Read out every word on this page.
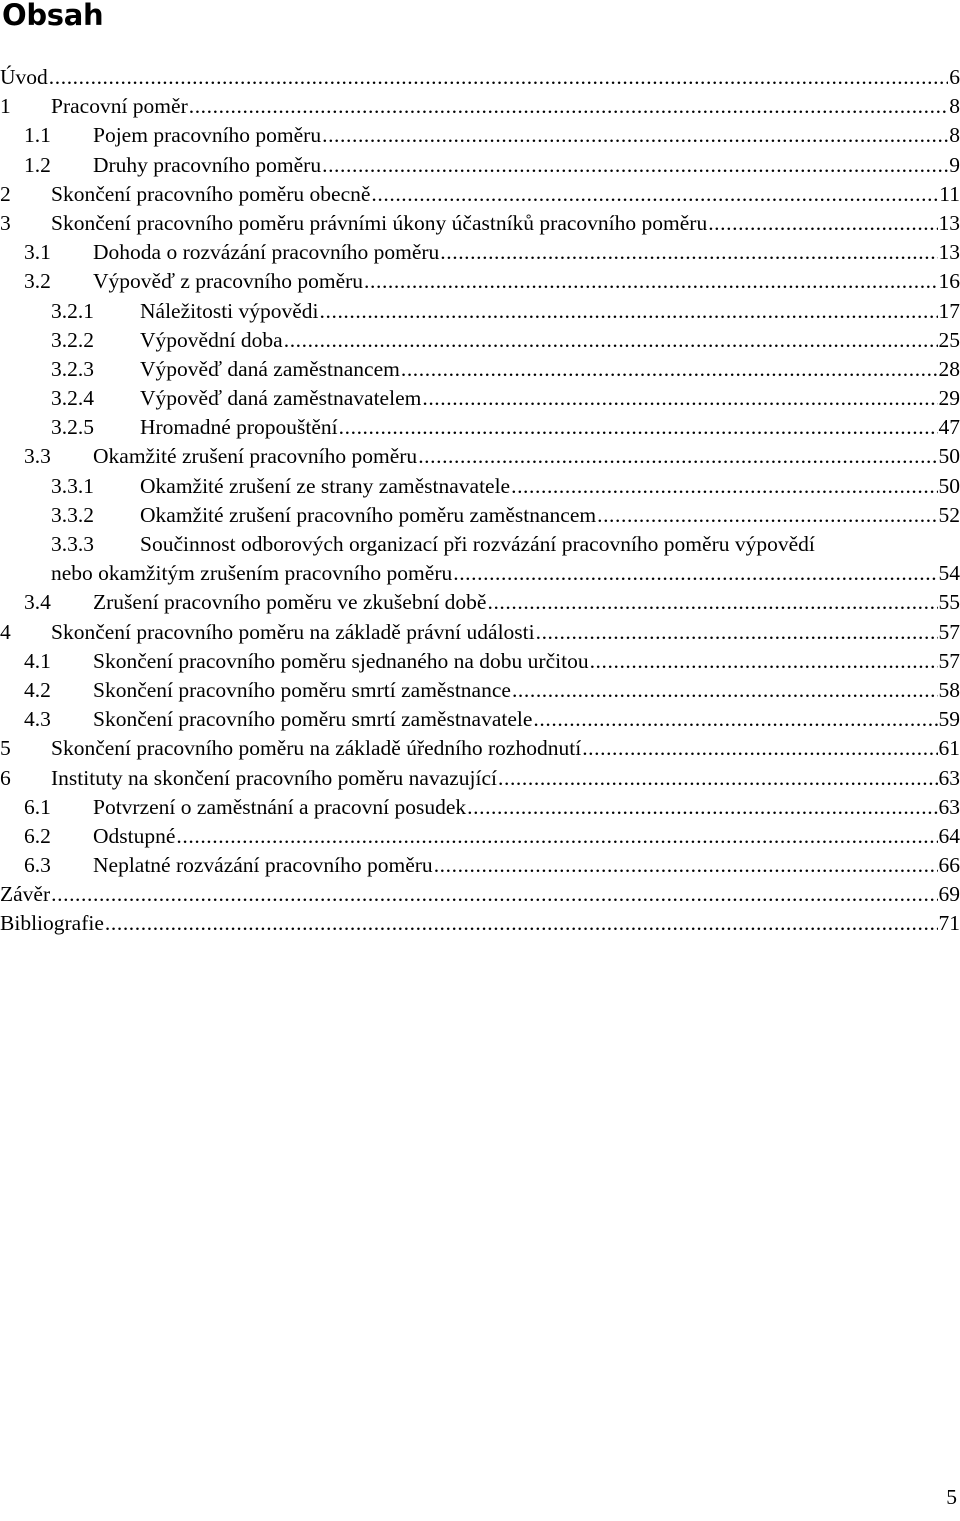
Obsah
Úvod .....	6
1	Pracovní poměr .....	8
1.1	Pojem pracovního poměru .....	8
1.2	Druhy pracovního poměru .....	9
2	Skončení pracovního poměru obecně .....	11
3	Skončení pracovního poměru právními úkony účastníků pracovního poměru .....	13
3.1	Dohoda o rozvázání pracovního poměru .....	13
3.2	Výpověď z pracovního poměru .....	16
3.2.1	Náležitosti výpovědi .....	17
3.2.2	Výpovědní doba .....	25
3.2.3	Výpověď daná zaměstnancem .....	28
3.2.4	Výpověď daná zaměstnavatelem .....	29
3.2.5	Hromadné propouštění .....	47
3.3	Okamžité zrušení pracovního poměru .....	50
3.3.1	Okamžité zrušení ze strany zaměstnavatele .....	50
3.3.2	Okamžité zrušení pracovního poměru zaměstnancem .....	52
3.3.3 Součinnost odborových organizací při rozvázání pracovního poměru výpovědí
nebo okamžitým zrušením pracovního poměru .....	54
3.4	Zrušení pracovního poměru ve zkušební době .....	55
4	Skončení pracovního poměru na základě právní události .....	57
4.1	Skončení pracovního poměru sjednaného na dobu určitou .....	57
4.2	Skončení pracovního poměru smrtí zaměstnance .....	58
4.3	Skončení pracovního poměru smrtí zaměstnavatele .....	59
5	Skončení pracovního poměru na základě úředního rozhodnutí .....	61
6	Instituty na skončení pracovního poměru navazující .....	63
6.1	Potvrzení o zaměstnání a pracovní posudek .....	63
6.2	Odstupné .....	64
6.3	Neplatné rozvázání pracovního poměru .....	66
Závěr .....	69
Bibliografie .....	71
5
